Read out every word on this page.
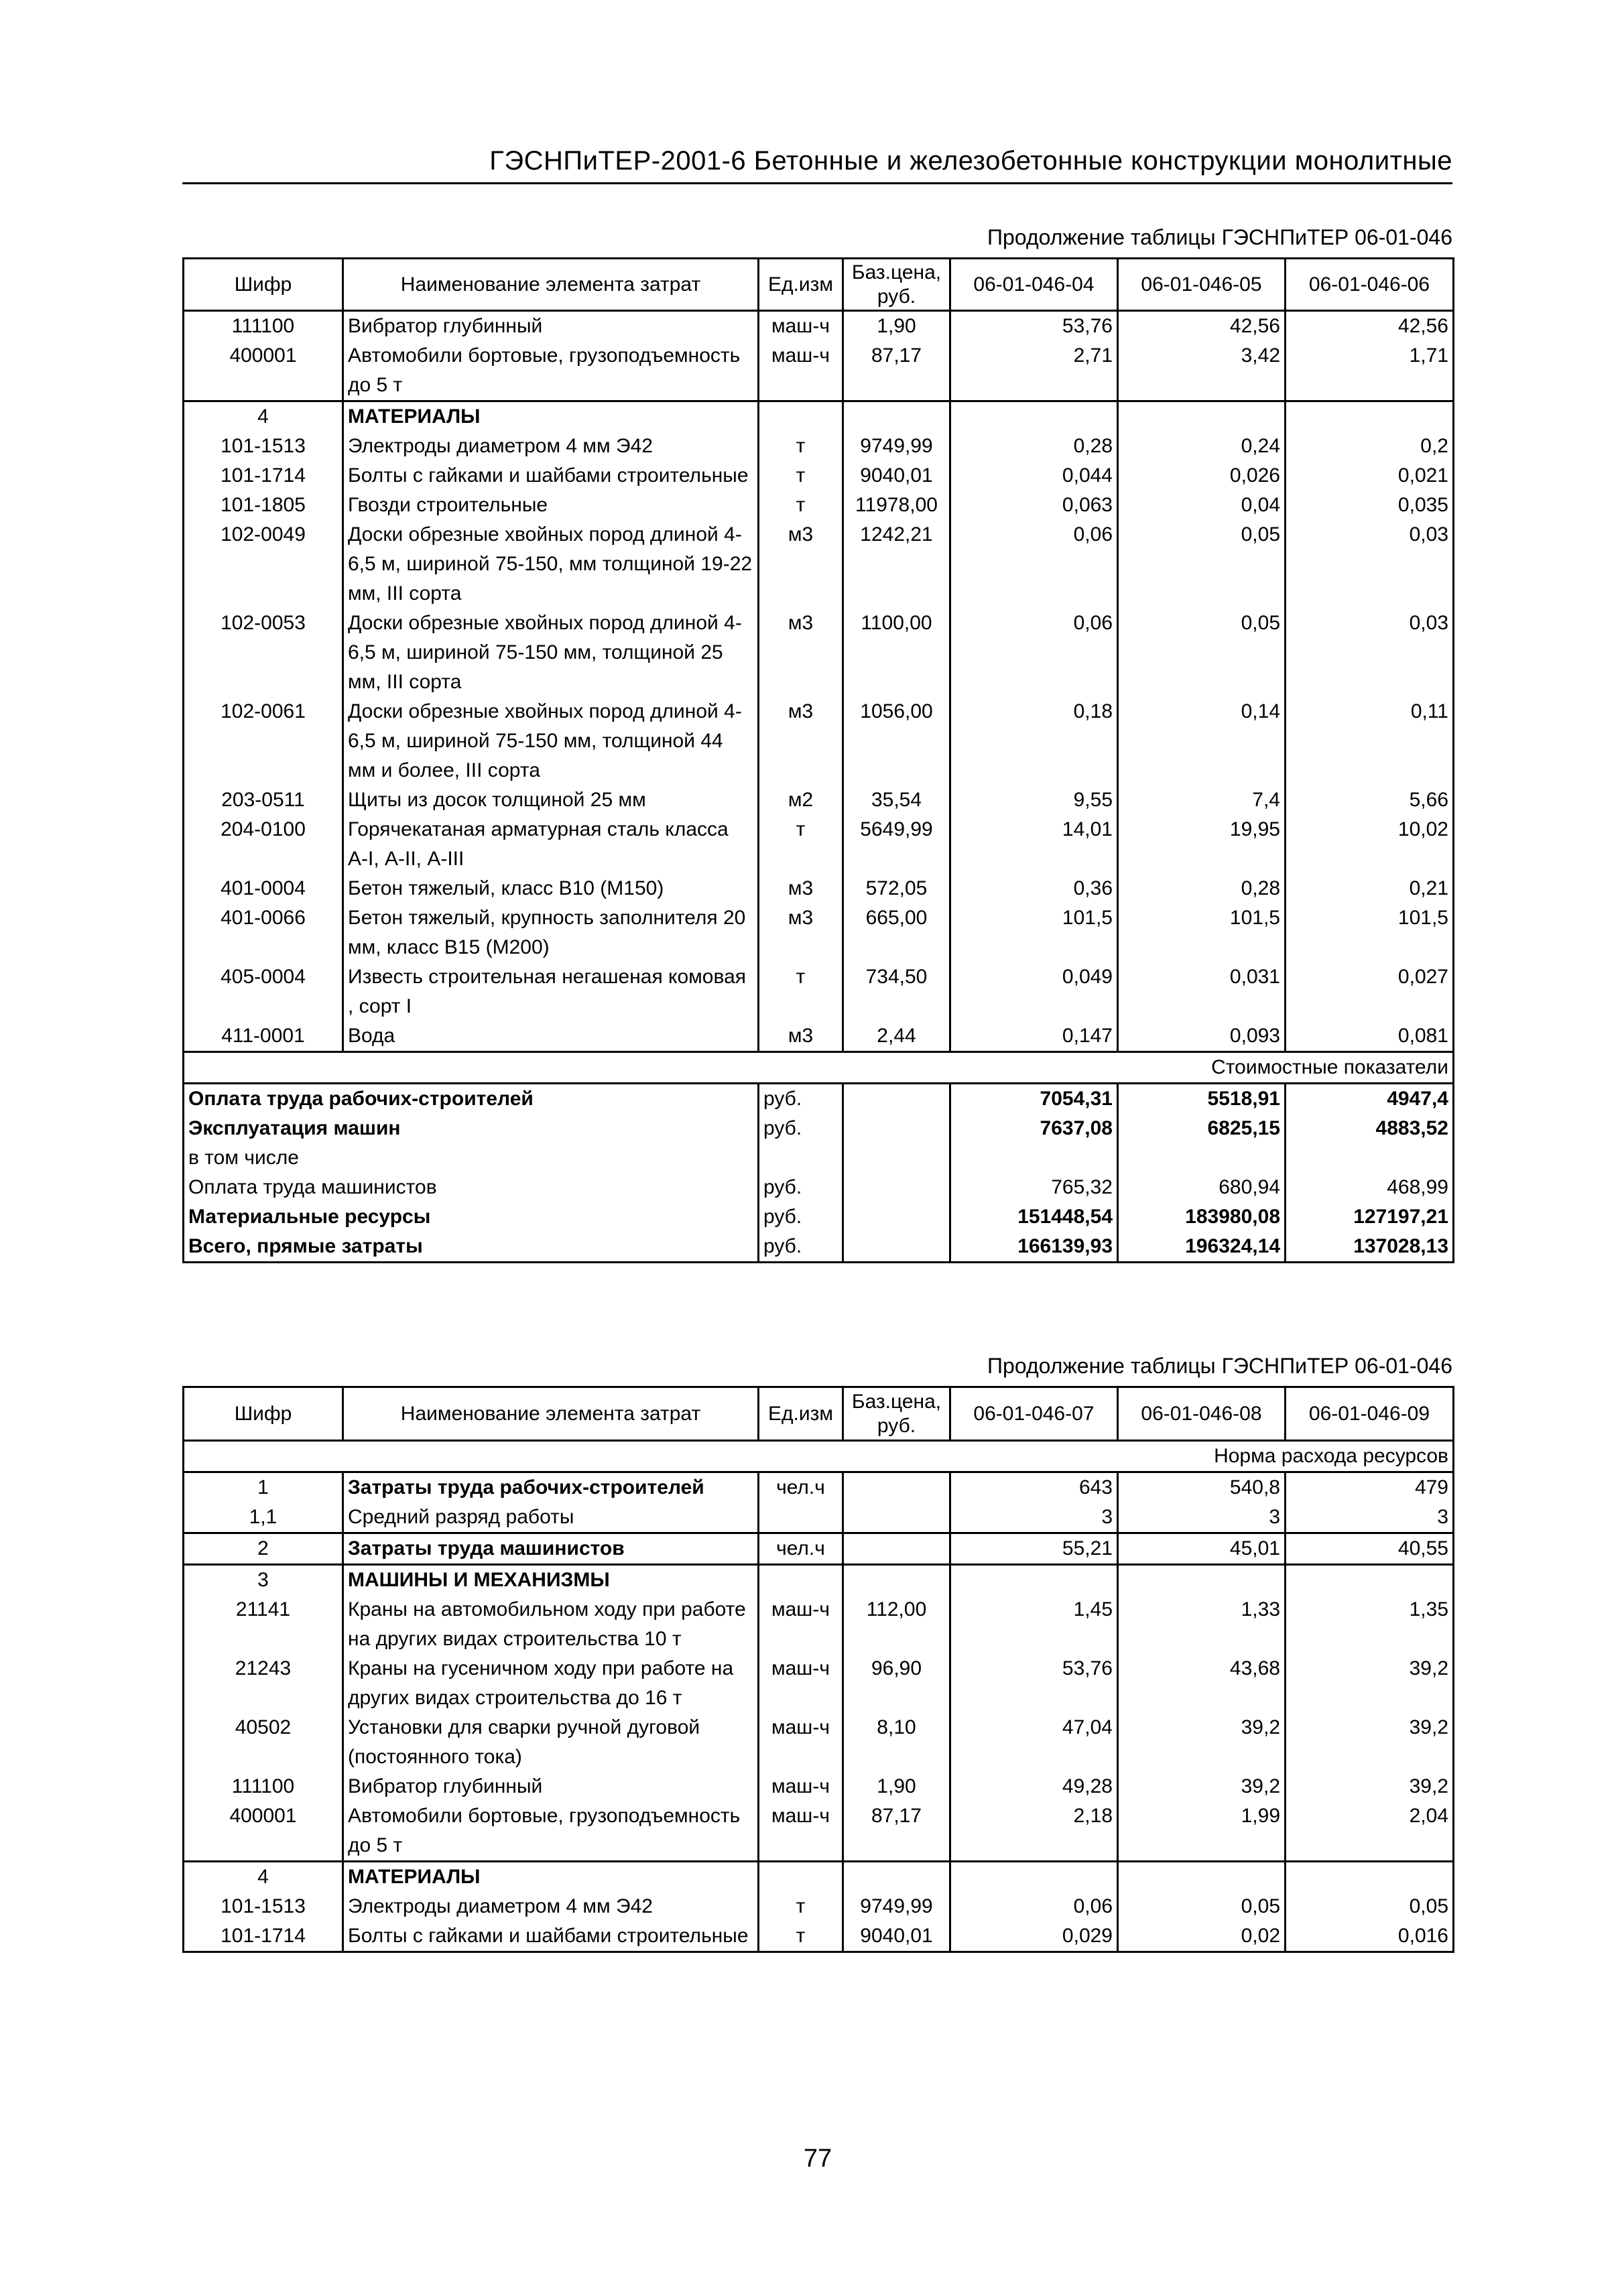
ГЭСНПиТЕР-2001-6 Бетонные и железобетонные конструкции монолитные
Продолжение таблицы ГЭСНПиТЕР 06-01-046
Шифр	Наименование элемента затрат	Ед.изм	Баз.цена, руб.	06-01-046-04	06-01-046-05	06-01-046-06
111100	Вибратор глубинный	маш-ч	1,90	53,76	42,56	42,56
400001	Автомобили бортовые, грузоподъемность до 5 т	маш-ч	87,17	2,71	3,42	1,71
4	МАТЕРИАЛЫ					
101-1513	Электроды диаметром 4 мм Э42	т	9749,99	0,28	0,24	0,2
101-1714	Болты с гайками и шайбами строительные	т	9040,01	0,044	0,026	0,021
101-1805	Гвозди строительные	т	11978,00	0,063	0,04	0,035
102-0049	Доски обрезные хвойных пород длиной 4-6,5 м, шириной 75-150, мм толщиной 19-22 мм, III сорта	м3	1242,21	0,06	0,05	0,03
102-0053	Доски обрезные хвойных пород длиной 4-6,5 м, шириной 75-150 мм, толщиной 25 мм, III сорта	м3	1100,00	0,06	0,05	0,03
102-0061	Доски обрезные хвойных пород длиной 4-6,5 м, шириной 75-150 мм, толщиной 44 мм и более, III сорта	м3	1056,00	0,18	0,14	0,11
203-0511	Щиты из досок толщиной 25 мм	м2	35,54	9,55	7,4	5,66
204-0100	Горячекатаная арматурная сталь класса А-I, А-II, А-III	т	5649,99	14,01	19,95	10,02
401-0004	Бетон тяжелый, класс В10 (М150)	м3	572,05	0,36	0,28	0,21
401-0066	Бетон тяжелый, крупность заполнителя 20 мм, класс В15 (М200)	м3	665,00	101,5	101,5	101,5
405-0004	Известь строительная негашеная комовая , сорт I	т	734,50	0,049	0,031	0,027
411-0001	Вода	м3	2,44	0,147	0,093	0,081
Стоимостные показатели						
Оплата труда рабочих-строителей		руб.		7054,31	5518,91	4947,4
Эксплуатация машин		руб.		7637,08	6825,15	4883,52
в том числе						
Оплата труда машинистов		руб.		765,32	680,94	468,99
Материальные ресурсы		руб.		151448,54	183980,08	127197,21
Всего, прямые затраты		руб.		166139,93	196324,14	137028,13
Продолжение таблицы ГЭСНПиТЕР 06-01-046
Шифр	Наименование элемента затрат	Ед.изм	Баз.цена, руб.	06-01-046-07	06-01-046-08	06-01-046-09
Норма расхода ресурсов						
1	Затраты труда рабочих-строителей	чел.ч		643	540,8	479
1,1	Средний разряд работы			3	3	3
2	Затраты труда машинистов	чел.ч		55,21	45,01	40,55
3	МАШИНЫ И МЕХАНИЗМЫ					
21141	Краны на автомобильном ходу при работе на других видах строительства 10 т	маш-ч	112,00	1,45	1,33	1,35
21243	Краны на гусеничном ходу при работе на других видах строительства до 16 т	маш-ч	96,90	53,76	43,68	39,2
40502	Установки для сварки ручной дуговой (постоянного тока)	маш-ч	8,10	47,04	39,2	39,2
111100	Вибратор глубинный	маш-ч	1,90	49,28	39,2	39,2
400001	Автомобили бортовые, грузоподъемность до 5 т	маш-ч	87,17	2,18	1,99	2,04
4	МАТЕРИАЛЫ					
101-1513	Электроды диаметром 4 мм Э42	т	9749,99	0,06	0,05	0,05
101-1714	Болты с гайками и шайбами строительные	т	9040,01	0,029	0,02	0,016
77
